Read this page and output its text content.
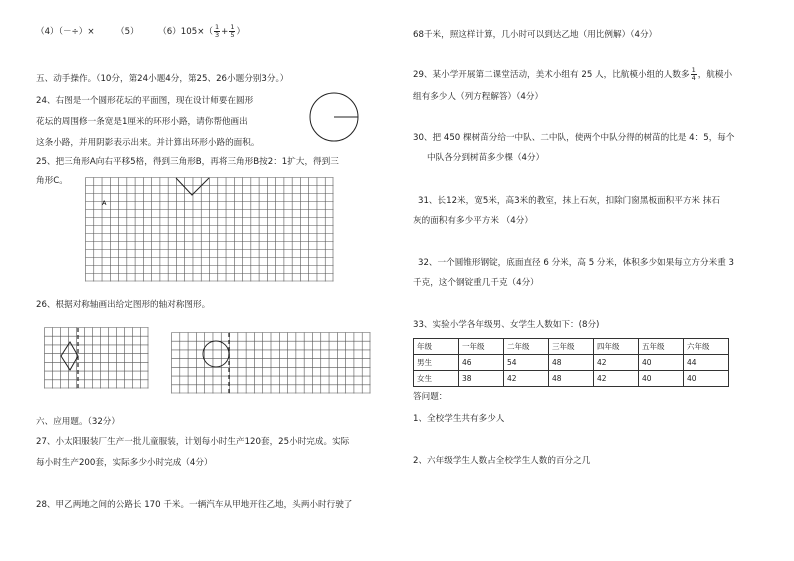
（4）（－÷）× （5） $(6)105\times( \frac{1}{3} + \frac{1}{5}$ ）
五、动手操作。（10分，第24小题4分，第25、26小题分别3分。）
24、右图是一个圆形花坛的平面图，现在设计师要在圆形
花坛的周围修一条宽是1厘米的环形小路，请你帮他画出
这条小路，并用阴影表示出来。并计算出环形小路的面积。
25、把三角形A向右平移5格，得到三角形B，再将三角形B按2：1扩大，得到三
角形C。
A
26、根据对称轴画出给定图形的轴对称图形。
六、应用题。（32分）
27、小太阳服装厂生产一批儿童服装，计划每小时生产120套，25小时完成。实际
每小时生产200套，实际多少小时完成（4分）
28、甲乙两地之间的公路长 170 千米。一辆汽车从甲地开往乙地，头两小时行驶了
68千米，照这样计算，几小时可以到达乙地（用比例解）（4分）
29、某小学开展第二课堂活动，美术小组有 25 人，比航模小组的人数多 $\frac{1}{4}$ ，航模小
组有多少人（列方程解答）（4分）
30、把 450 棵树苗分给一中队、二中队，使两个中队分得的树苗的比是 4：5，每个
中队各分到树苗多少棵（4分）
31、长12米，宽5米，高3米的教室，抹上石灰，扣除门窗黑板面积平方米 抹石
灰的面积有多少平方米 （4分）
32、一个圆锥形钢锭，底面直径 6 分米，高 5 分米，体积多少如果每立方分米重 3
千克，这个钢锭重几千克（4分）
33、实验小学各年级男、女学生人数如下：(8分)
年级	一年级	二年级	三年级	四年级	五年级	六年级
男生	46	54	48	42	40	44
女生	38	42	48	42	40	40
答问题：
1、全校学生共有多少人
2、六年级学生人数占全校学生人数的百分之几
